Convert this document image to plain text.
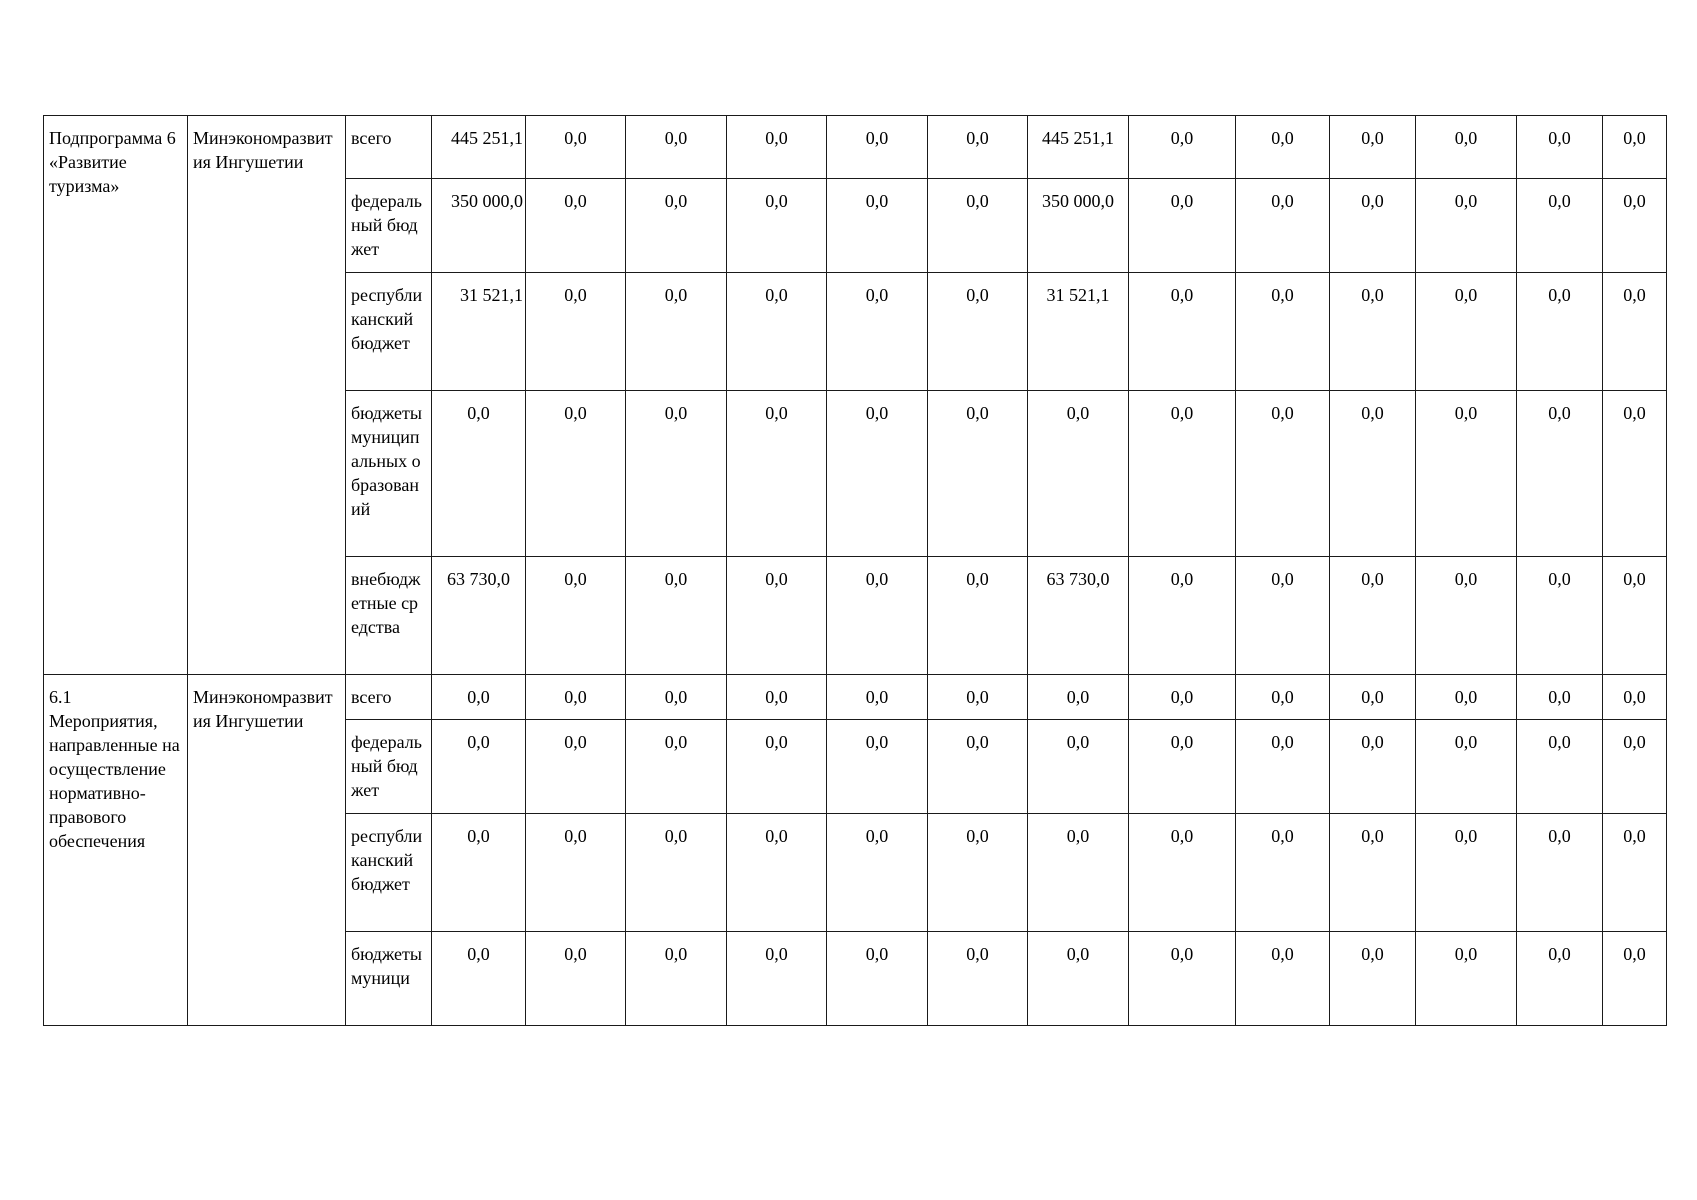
Подпрограмма 6 «Развитие туризма»	Минэкономразвития Ингушетии	всего	445 251,1	0,0	0,0	0,0	0,0	0,0	445 251,1	0,0	0,0	0,0	0,0	0,0	0,0
		федеральный бюджет	350 000,0	0,0	0,0	0,0	0,0	0,0	350 000,0	0,0	0,0	0,0	0,0	0,0	0,0
		республиканский бюджет	31 521,1	0,0	0,0	0,0	0,0	0,0	31 521,1	0,0	0,0	0,0	0,0	0,0	0,0
		бюджеты муниципальных образований	0,0	0,0	0,0	0,0	0,0	0,0	0,0	0,0	0,0	0,0	0,0	0,0	0,0
		внебюджетные средства	63 730,0	0,0	0,0	0,0	0,0	0,0	63 730,0	0,0	0,0	0,0	0,0	0,0	0,0
6.1 Мероприятия, направленные на осуществление нормативно-правового обеспечения	Минэкономразвития Ингушетии	всего	0,0	0,0	0,0	0,0	0,0	0,0	0,0	0,0	0,0	0,0	0,0	0,0	0,0
		федеральный бюджет	0,0	0,0	0,0	0,0	0,0	0,0	0,0	0,0	0,0	0,0	0,0	0,0	0,0
		республиканский бюджет	0,0	0,0	0,0	0,0	0,0	0,0	0,0	0,0	0,0	0,0	0,0	0,0	0,0
		бюджеты муници	0,0	0,0	0,0	0,0	0,0	0,0	0,0	0,0	0,0	0,0	0,0	0,0	0,0
